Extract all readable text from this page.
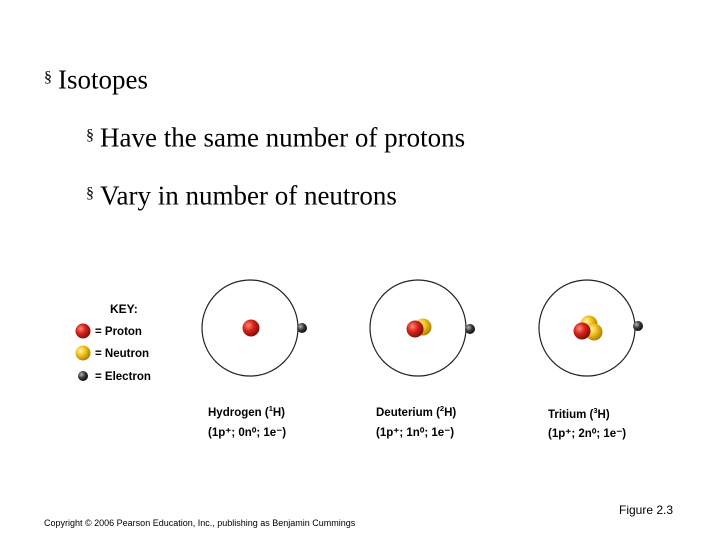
§ Isotopes
§ Have the same number of protons
§ Vary in number of neutrons
KEY:
= Proton
= Neutron
= Electron
Hydrogen ($^1$H)
(1p⁺; 0n⁰; 1e⁻)
Deuterium ($^2$H)
(1p⁺; 1n⁰; 1e⁻)
Tritium ($^3$H)
(1p⁺; 2n⁰; 1e⁻)
Copyright © 2006 Pearson Education, Inc., publishing as Benjamin Cummings
Figure 2.3
